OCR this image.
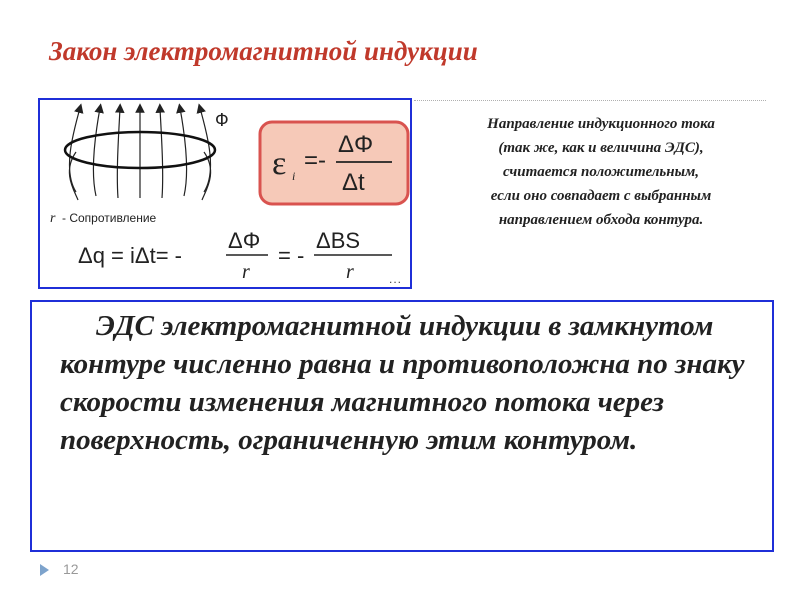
Закон электромагнитной индукции
Ф
r - Сопротивление
ε i
=-
ΔΦ
Δt
Δq = iΔt= -
ΔΦ
r
= -
ΔBS
r	...
Направление индукционного тока
(так же, как и величина ЭДС),
считается положительным,
если оно совпадает с выбранным
направлением обхода контура.
ЭДС электромагнитной индукции в замкнутом контуре численно равна и противоположна по знаку скорости изменения магнитного потока через поверхность, ограниченную этим контуром.
12
